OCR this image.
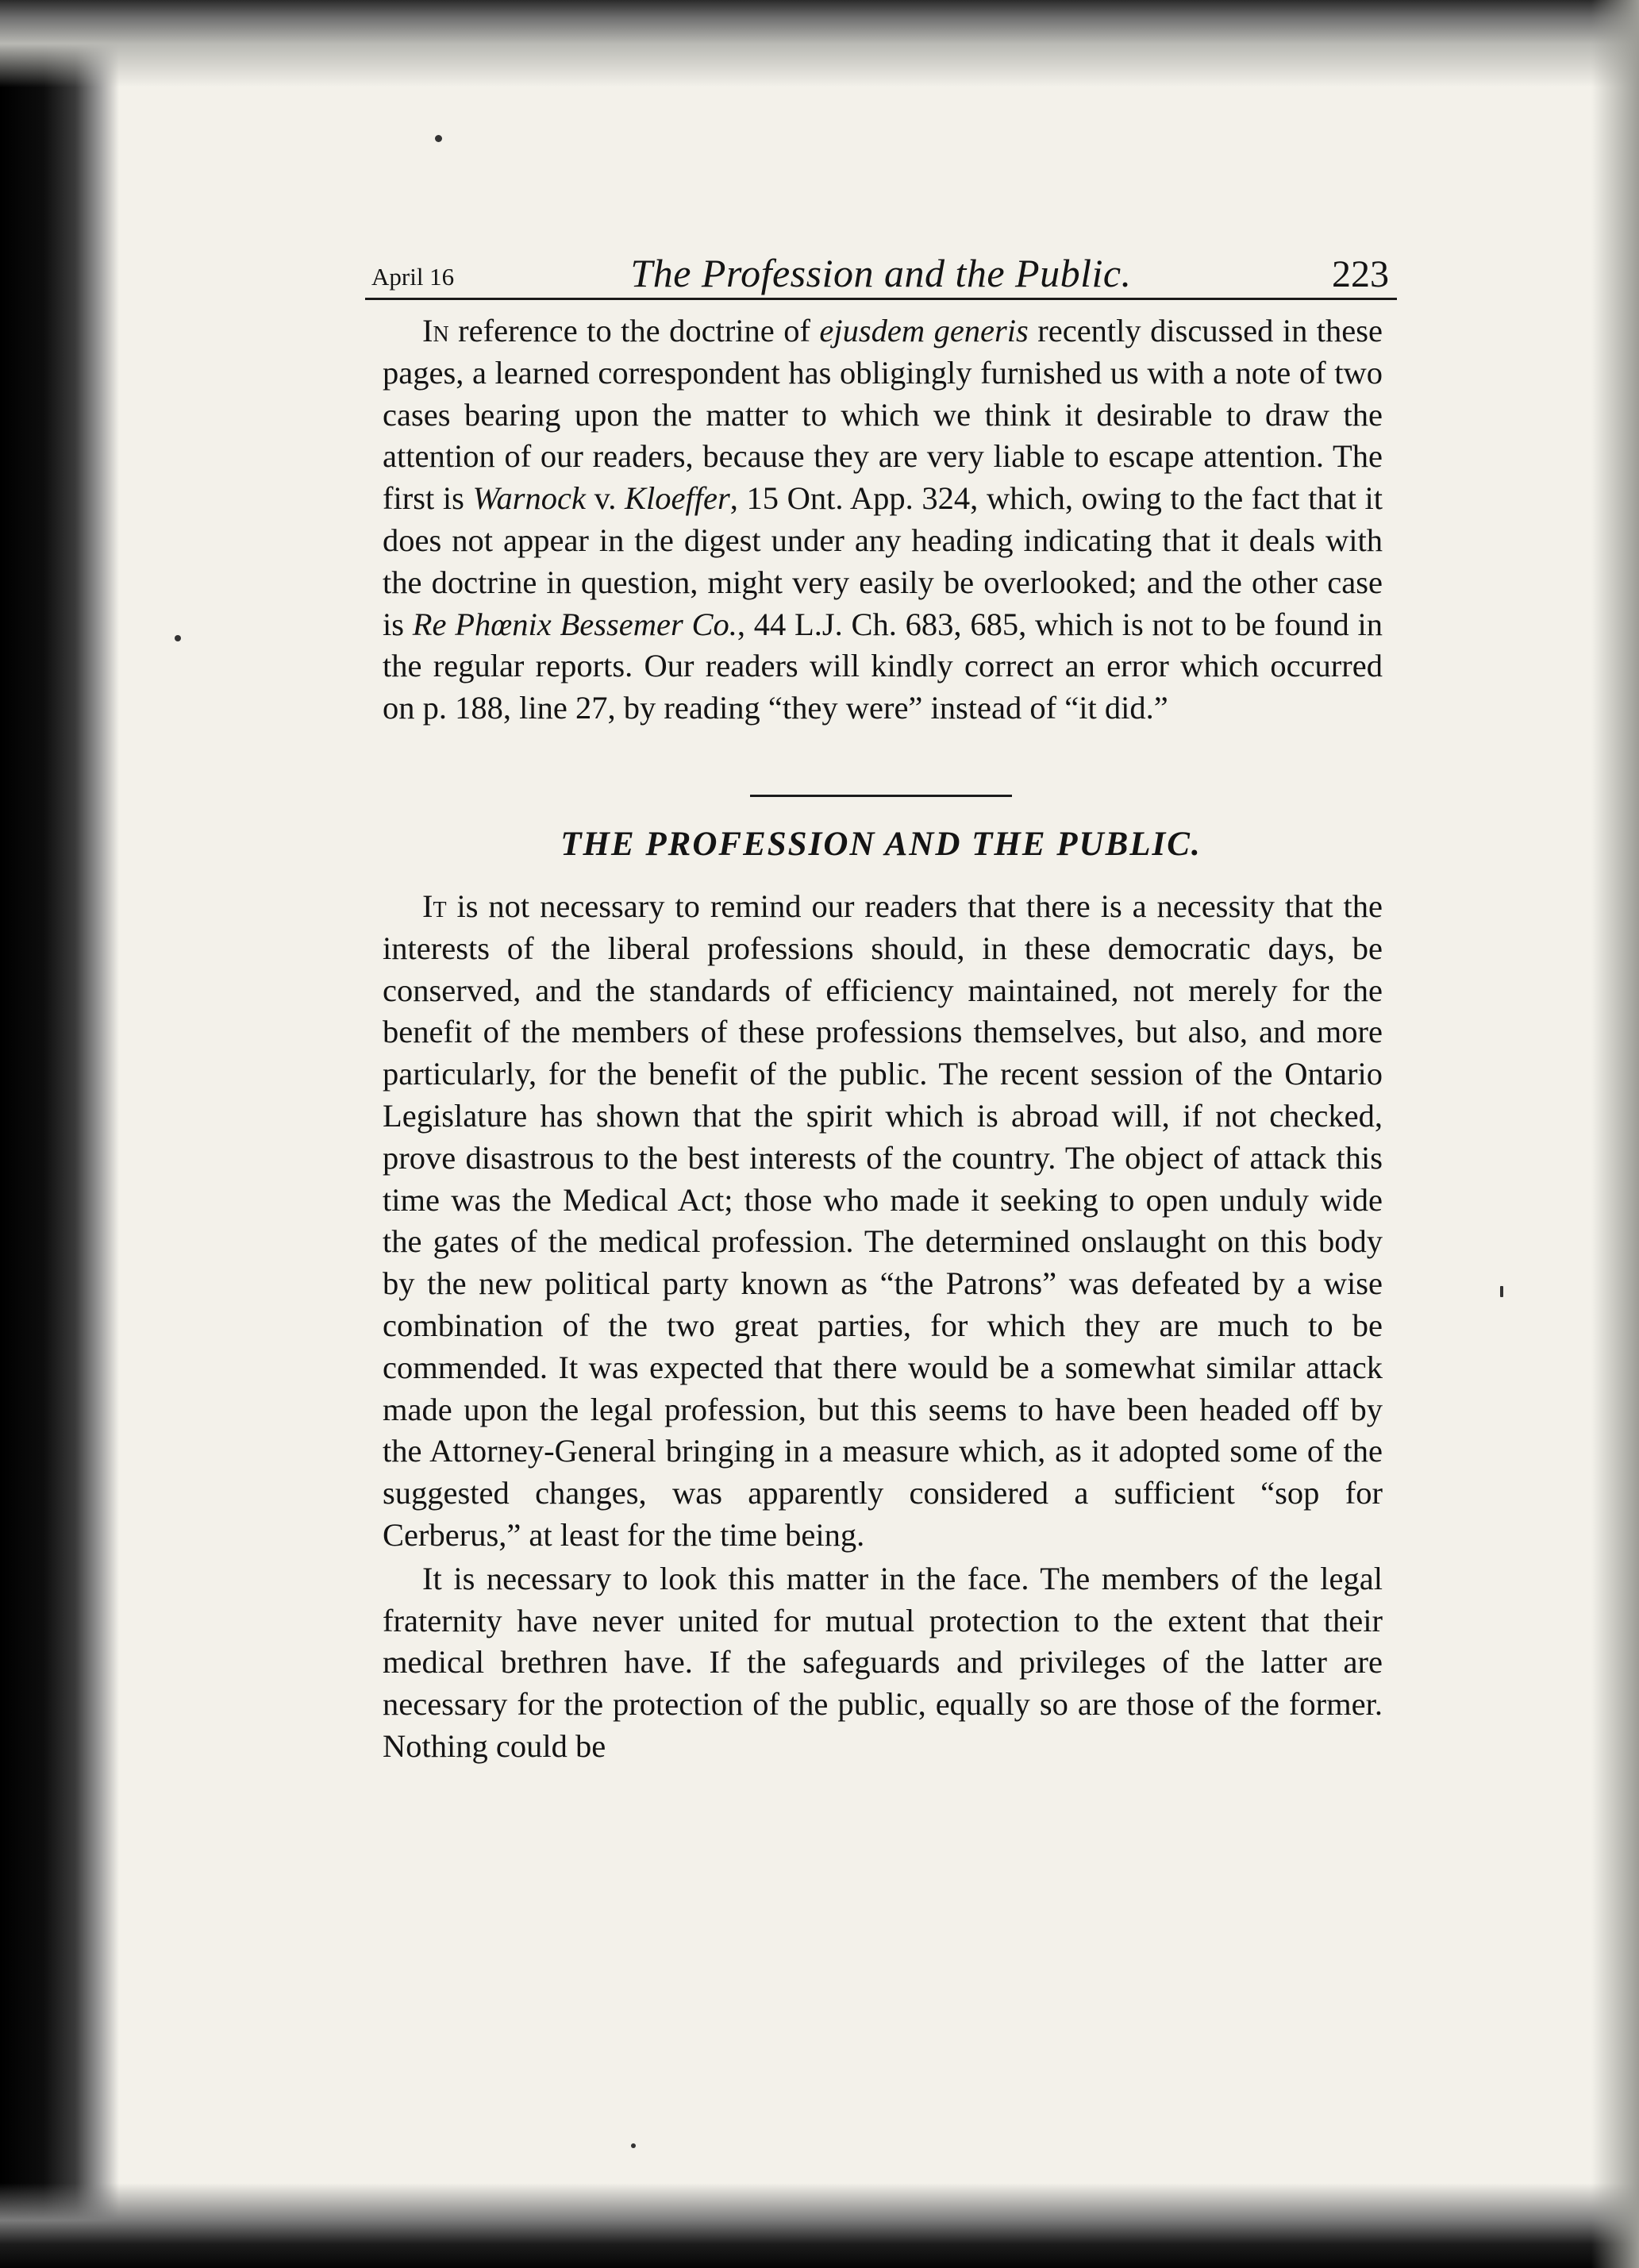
April 16	The Profession and the Public.	223

In reference to the doctrine of ejusdem generis recently discussed in these pages, a learned correspondent has obligingly furnished us with a note of two cases bearing upon the matter to which we think it desirable to draw the attention of our readers, because they are very liable to escape attention. The first is Warnock v. Kloeffer, 15 Ont. App. 324, which, owing to the fact that it does not appear in the digest under any heading indicating that it deals with the doctrine in question, might very easily be overlooked; and the other case is Re Phœnix Bessemer Co., 44 L.J. Ch. 683, 685, which is not to be found in the regular reports. Our readers will kindly correct an error which occurred on p. 188, line 27, by reading “they were” instead of “it did.”

THE PROFESSION AND THE PUBLIC.

It is not necessary to remind our readers that there is a necessity that the interests of the liberal professions should, in these democratic days, be conserved, and the standards of efficiency maintained, not merely for the benefit of the members of these professions themselves, but also, and more particularly, for the benefit of the public. The recent session of the Ontario Legislature has shown that the spirit which is abroad will, if not checked, prove disastrous to the best interests of the country. The object of attack this time was the Medical Act; those who made it seeking to open unduly wide the gates of the medical profession. The determined onslaught on this body by the new political party known as “the Patrons” was defeated by a wise combination of the two great parties, for which they are much to be commended. It was expected that there would be a somewhat similar attack made upon the legal profession, but this seems to have been headed off by the Attorney-General bringing in a measure which, as it adopted some of the suggested changes, was apparently considered a sufficient “sop for Cerberus,” at least for the time being.

It is necessary to look this matter in the face. The members of the legal fraternity have never united for mutual protection to the extent that their medical brethren have. If the safeguards and privileges of the latter are necessary for the protection of the public, equally so are those of the former. Nothing could be
